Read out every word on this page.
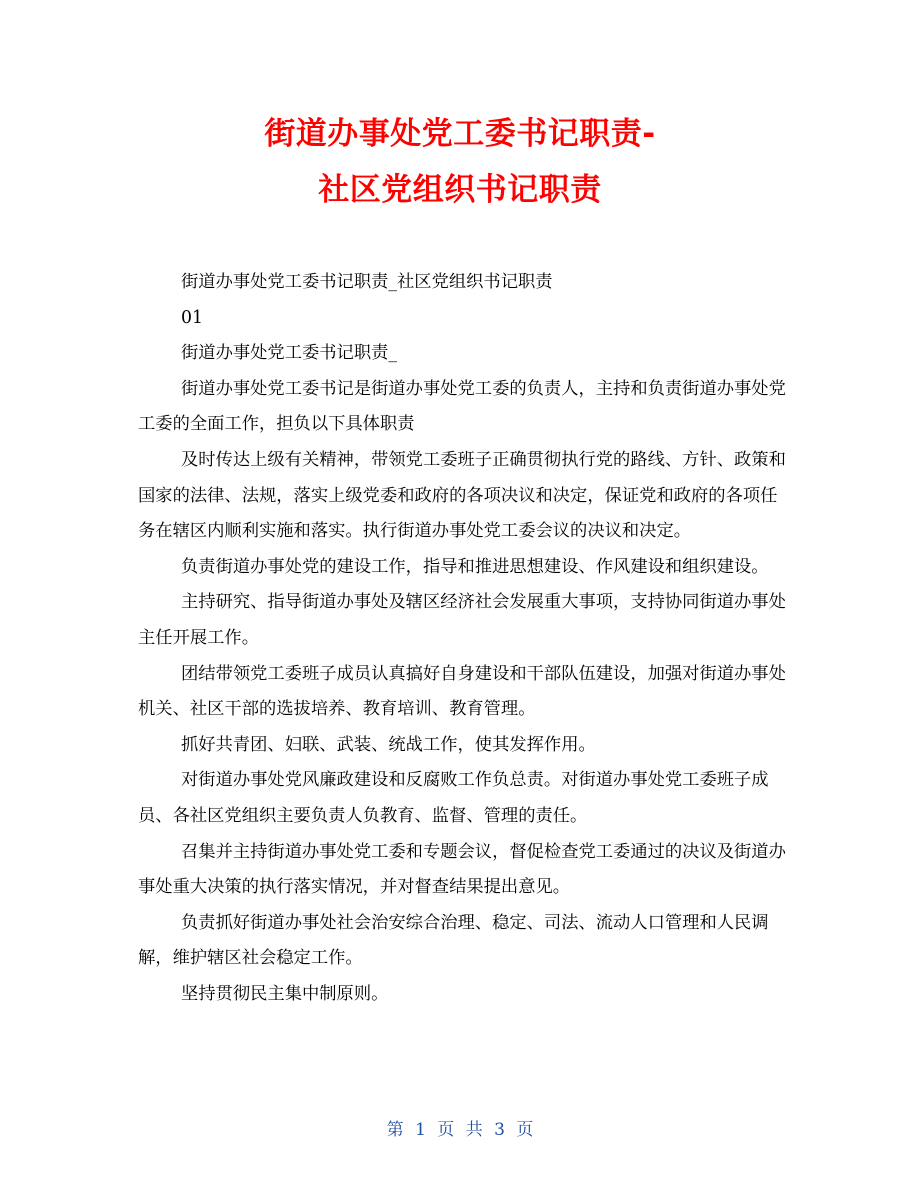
街道办事处党工委书记职责-
社区党组织书记职责

街道办事处党工委书记职责_社区党组织书记职责

01

街道办事处党工委书记职责_

街道办事处党工委书记是街道办事处党工委的负责人，主持和负责街道办事处党工委的全面工作，担负以下具体职责

及时传达上级有关精神，带领党工委班子正确贯彻执行党的路线、方针、政策和国家的法律、法规，落实上级党委和政府的各项决议和决定，保证党和政府的各项任务在辖区内顺利实施和落实。执行街道办事处党工委会议的决议和决定。

负责街道办事处党的建设工作，指导和推进思想建设、作风建设和组织建设。

主持研究、指导街道办事处及辖区经济社会发展重大事项，支持协同街道办事处主任开展工作。

团结带领党工委班子成员认真搞好自身建设和干部队伍建设，加强对街道办事处机关、社区干部的选拔培养、教育培训、教育管理。

抓好共青团、妇联、武装、统战工作，使其发挥作用。

对街道办事处党风廉政建设和反腐败工作负总责。对街道办事处党工委班子成员、各社区党组织主要负责人负教育、监督、管理的责任。

召集并主持街道办事处党工委和专题会议，督促检查党工委通过的决议及街道办事处重大决策的执行落实情况，并对督查结果提出意见。

负责抓好街道办事处社会治安综合治理、稳定、司法、流动人口管理和人民调解，维护辖区社会稳定工作。

坚持贯彻民主集中制原则。

第 1 页 共 3 页
